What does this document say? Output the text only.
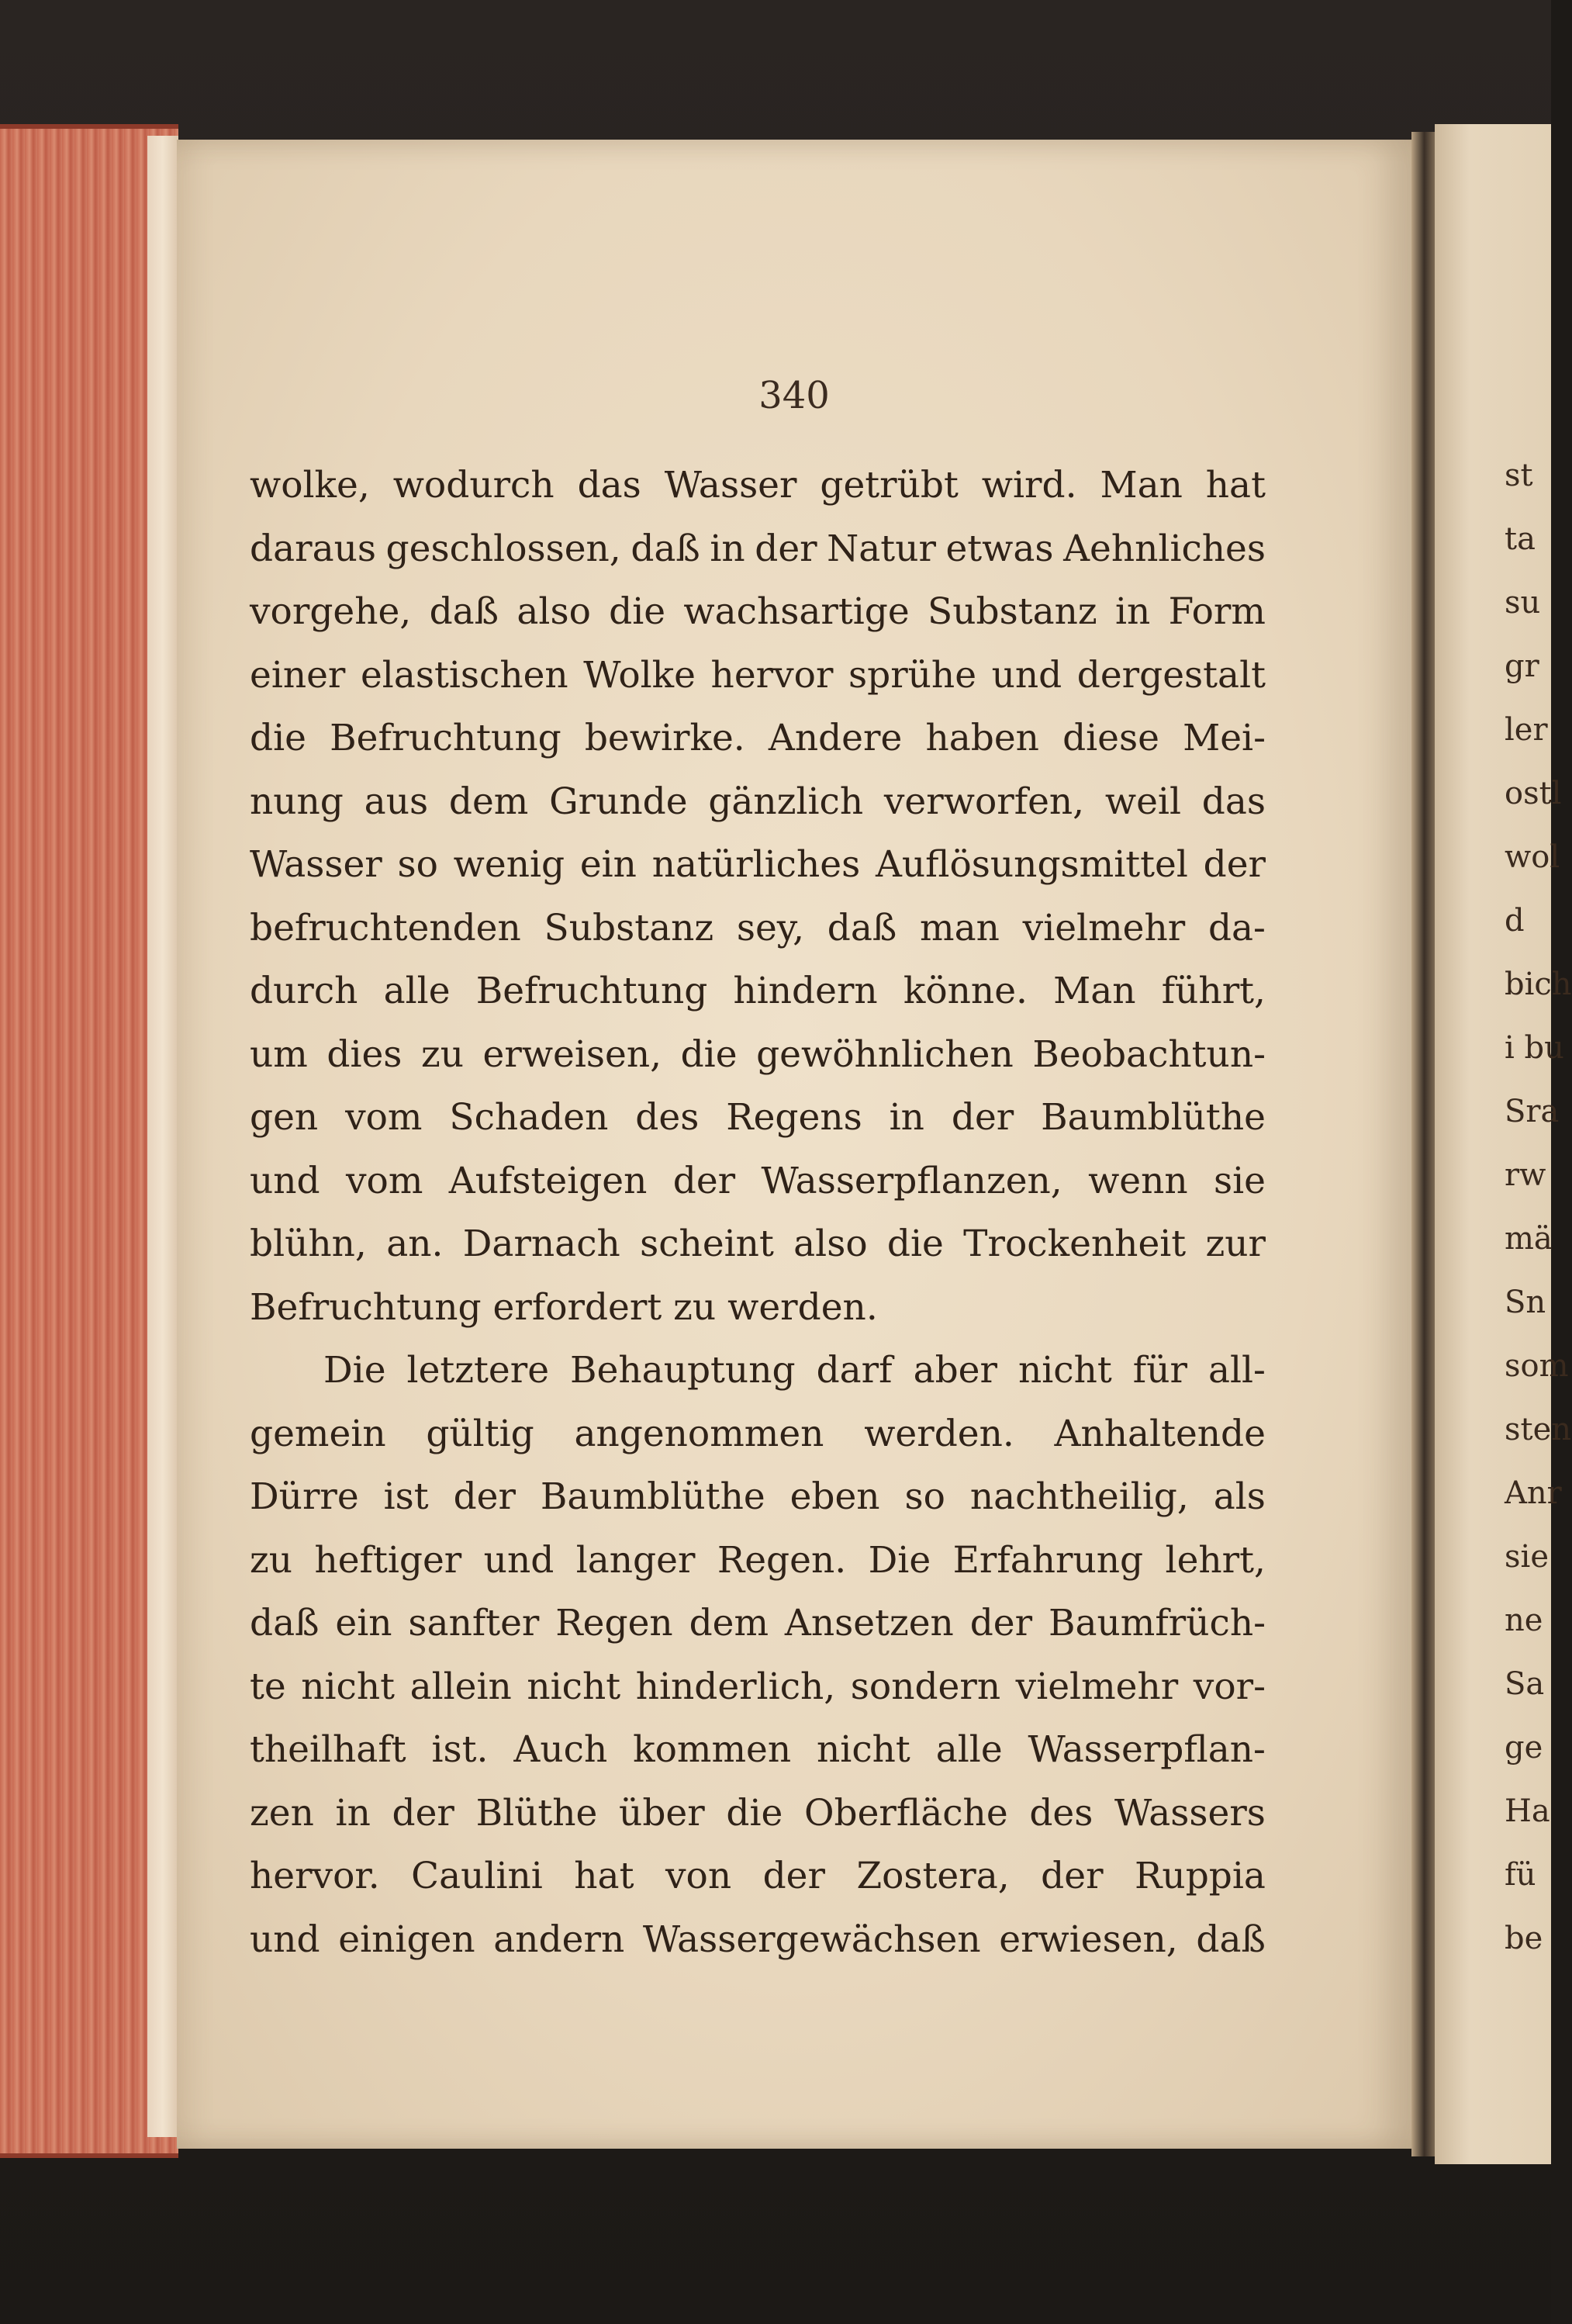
340
wolke, wodurch das Wasser getrübt wird. Man hat
daraus geschlossen, daß in der Natur etwas Aehnliches
vorgehe, daß also die wachsartige Substanz in Form
einer elastischen Wolke hervor sprühe und dergestalt
die Befruchtung bewirke. Andere haben diese Mei-
nung aus dem Grunde gänzlich verworfen, weil das
Wasser so wenig ein natürliches Auflösungsmittel der
befruchtenden Substanz sey, daß man vielmehr da-
durch alle Befruchtung hindern könne. Man führt,
um dies zu erweisen, die gewöhnlichen Beobachtun-
gen vom Schaden des Regens in der Baumblüthe
und vom Aufsteigen der Wasserpflanzen, wenn sie
blühn, an. Darnach scheint also die Trockenheit zur
Befruchtung erfordert zu werden.
Die letztere Behauptung darf aber nicht für all-
gemein gültig angenommen werden. Anhaltende
Dürre ist der Baumblüthe eben so nachtheilig, als
zu heftiger und langer Regen. Die Erfahrung lehrt,
daß ein sanfter Regen dem Ansetzen der Baumfrüch-
te nicht allein nicht hinderlich, sondern vielmehr vor-
theilhaft ist. Auch kommen nicht alle Wasserpflan-
zen in der Blüthe über die Oberfläche des Wassers
hervor. Caulini hat von der Zostera, der Ruppia
und einigen andern Wassergewächsen erwiesen, daß
st
ta
su
gr
ler
ostl
wol
d
bich
i bu
Sra
rw
mä
Sn
som
sten
Anr
sie
ne
Sa
ge
Ha
fü
be
